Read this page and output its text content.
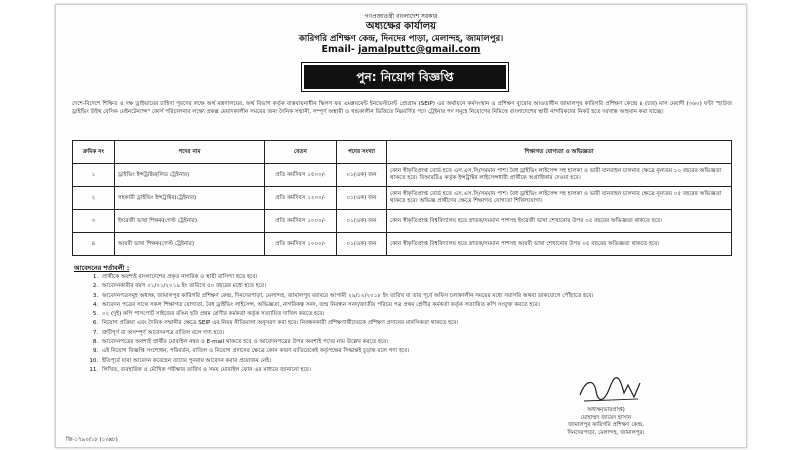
গণপ্রজাতন্ত্রী বাংলাদেশ সরকার
অধ্যক্ষের কার্যালয়
কারিগরি প্রশিক্ষণ কেন্দ্র, দিনদের পাড়া, মেলান্দহ, জামালপুর।
Email- jamalputtc@gmail.com
পুন: নিয়োগ বিজ্ঞপ্তি
দেশে-বিদেশে শিক্ষিত ও দক্ষ ড্রাইভারের চাহিদা পূরণের লক্ষে অর্থ মন্ত্রণালয়ের, অর্থ বিভাগ কর্তৃক বাস্তবায়নাধীন স্কিলস ফর এমপ্লয়মেন্ট ইনভেস্টমেন্ট প্রোগ্রাম (SEIP) এর অর্থায়নে কর্মসংস্থান ও প্রশিক্ষণ ব্যুরোর আওতাধীন জামালপুর কারিগরি প্রশিক্ষণ কেন্দ্রে ৪ (চার) মাস মেয়াদী (৩৬০) ঘন্টা "হাউজ ড্রাইভিং উইথ বেসিক মেইনটেন্যান্স" কোর্স পরিচালনার লক্ষ্যে প্রকল্প মেয়াদকালীন সময়ের জন্য দৈনিক সম্মানী, সম্পূর্ণ অস্থায়ী ও খন্ডকালীন ভিত্তিতে নিম্নবর্ণিত পদে ট্রেইনার পদ সমূহে নিয়োগের নিমিত্তে বাংলাদেশের স্থায়ী নাগরিকদের নিকট হতে দরখাস্ত আহবান করা যাচ্ছে।
ক্রমিক নং	পদের নাম	বেতন	পদের সংখ্যা	শিক্ষাগত যোগ্যতা ও অভিজ্ঞতা
১	ড্রাইভিং ইন্সট্রাক্টর(লিড ট্রেইনার)	প্রতি কর্মদিবস ১৫০০/-	০১(এক) জন	কোন স্বীকৃতিপ্রাপ্ত বোর্ড হতে এস.এস.সি/সমমান পাশ। বৈধ ড্রাইভিং লাইসেন্স সহ হালকা ও ভারী যানবাহন চালনার ক্ষেত্রে নূন্যতম ১০ বছরের অভিজ্ঞতা থাকতে হবে। বিআরটিএ কর্তৃক ইন্সট্রাক্টর লাইসেন্সধারী প্রার্থীকে অগ্রাধিকার দেওয়া হবে।
২	সহকারী ড্রাইভিং ইন্সট্রাক্টর(ট্রেইনার)	প্রতি কর্মদিবস ১২০০/-	০১(এক) জন	কোন স্বীকৃতিপ্রাপ্ত বোর্ড হতে এস.এস.সি/সমমান পাশ। বৈধ ড্রাইভিং লাইসেন্স সহ হালকা ও ভারী যানবাহন চালনার ক্ষেত্রে নূন্যতম ০৫ বছরের অভিজ্ঞতা থাকতে হবে। অভিজ্ঞ প্রার্থীদের ক্ষেত্রে শিক্ষাগত যোগ্যতা শিথিলযোগ্য।
৩	ইংরেজী ভাষা শিক্ষক(গেস্ট ট্রেইনার)	প্রতি কর্মদিবস ১০০০/-	০১(এক) জন	কোন স্বীকৃতিপ্রাপ্ত বিশ্ববিদ্যালয় হতে স্নাতক/সমমান পাশসহ ইংরেজী ভাষা শেখানোর উপর ০৫ বছরের অভিজ্ঞতা থাকতে হবে।
৪	আরবী ভাষা শিক্ষক(গেস্ট ট্রেইনার)	প্রতি কর্মদিবস ১০০০/-	০১(এক) জন	কোন স্বীকৃতিপ্রাপ্ত বিশ্ববিদ্যালয় হতে স্নাতক/সমমান পাশসহ আরবী ভাষা শেখানোর উপর ০৫ বছরের অভিজ্ঞতা থাকতে হবে।
আবেদনের শর্তাবলী :
1. প্রার্থীকে অবশ্যই বাংলাদেশের প্রকৃত নাগরিক ও স্থায়ী বাসিন্দা হতে হবে।
2. আবেদনকারীর বয়স ০১/০১/২০১৯ ইং তারিখে ৫০ বছরের মধ্যে হতে হবে।
3. আবেদনপত্রসমূহ অধ্যক্ষ, জামালপুর কারিগরি প্রশিক্ষণ কেন্দ্র, দিনদেরপাড়া, মেলান্দহ, জামালপুর বরাবরে আগামী ২৯/১২/২০১৮ ইং তারিখ বা তার পূর্বে অফিস চলাকালীন সময়ের মধ্যে সরাসরি অথবা ডাকযোগে পৌঁছাতে হবে।
4. আবেদন পত্রের সাথে সকল শিক্ষাগত যোগ্যতা, বৈধ ড্রাইভিং লাইসেন্স, অভিজ্ঞতা, নাগরিকত্ব সনদ, জন্ম নিবন্ধন সনদ/জাতীয় পরিচয় পত্র প্রথম শ্রেণীর কর্মকর্তা কর্তৃক সত্যায়িত কপি সংযুক্ত করতে হবে।
5. ০২ (দুই) কপি পাসপোর্ট সাইজের রঙিন ছবি প্রথম শ্রেণীর কর্মকর্তা কর্তৃক সত্যায়িত দাখিল করতে হবে।
6. নিয়োগ প্রক্রিয়া এবং দৈনিক সম্মানীর ক্ষেত্রে SEIP এর নিয়ম নীতিমালা অনুসরণ করা হবে। নিবন্ধনকারী প্রশিক্ষণার্থীদেরকে প্রশিক্ষণ প্রদানের মানসিকতা থাকতে হবে।
7. ত্রুটিপূর্ণ বা অসম্পূর্ণ আবেদনপত্র বাতিল বলে গণ্য হবে।
8. আবেদনপত্রের অবশ্যই প্রার্থীর মোবাইল নম্বর ও E-mail থাকতে হবে ও আবেদনপত্রের উপর অবশ্যই পদের নাম উল্লেখ করতে হবে।
9. এই নিয়োগ বিজ্ঞপ্তি সংশোধন, পরিবর্তন, বাতিল ও নিয়োগ প্রদানের ক্ষেত্রে কোন কারণ ব্যতিরেকেই কর্তৃপক্ষের সিদ্ধান্তই চূড়ান্ত বলে গণ্য হবে।
10. ইতিপূর্বে যারা আবেদন করেছেন তাদের পুনরায় আবেদন করার প্রয়োজন নেই।
11. লিখিত, ব্যবহারিক ও মৌখিক পরীক্ষার তারিখ ও সময় মোবাইল ফোন এর মাধ্যমে জানানো হবে।
অধ্যক্ষ(ভারপ্রাপ্ত)
মোহাম্মদ জায়েদ হাসান
জামালপুর কারিগরি প্রশিক্ষণ কেন্দ্র,
দিনদেরপাড়া, মেলান্দহ, জামালপুর।
জি-১৭৯০/১৮ (১০x৮)
